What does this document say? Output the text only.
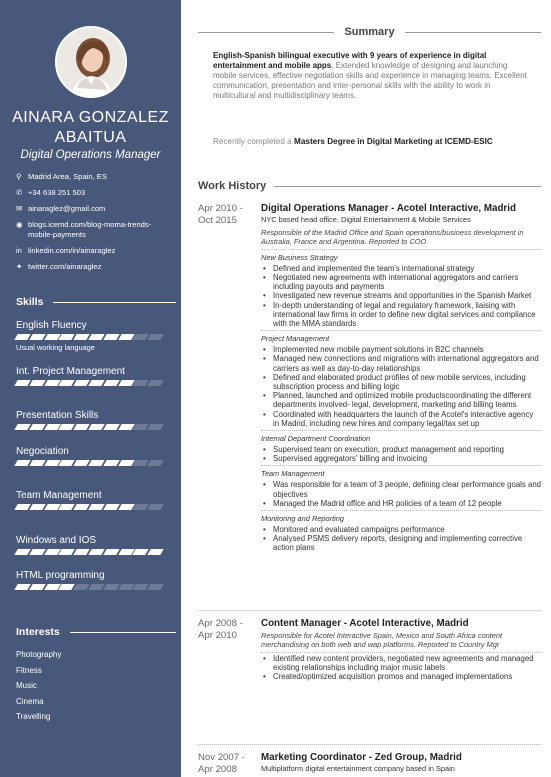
AINARA GONZALEZ
ABAITUA
Digital Operations Manager
⚲ Madrid Area, Spain, ES
✆ +34 638 251 503
✉ ainaraglez@gmail.com
◉ blogs.icemd.com/blog-moma-trends-mobile-payments
in linkedin.com/in/ainaraglez
✦ twitter.com/ainaraglez
Skills
English Fluency
Usual working language
Int. Project Management
Presentation Skills
Negociation
Team Management
Windows and IOS
HTML programming
Interests
Photography
Fitness
Music
Cinema
Travelling
Summary
English-Spanish bilingual executive with 9 years of experience in digital entertainment and mobile apps. Extended knowledge of designing and launching mobile services, effective negotiation skills and experience in managing teams. Excellent communication, presentation and inter-personal skills with the ability to work in multicultural and multidisciplinary teams.
Recently completed a Masters Degree in Digital Marketing at ICEMD-ESIC
Work History
Apr 2010 -
Oct 2015
Digital Operations Manager - Acotel Interactive, Madrid
NYC based head office, Digital Entertainment & Mobile Services
Responsible of the Madrid Office and Spain operations/business development in Australia, France and Argentina. Reported to COO
New Business Strategy
• Defined and implemented the team's international strategy
• Negotiated new agreements with international aggregators and carriers including payouts and payments
• Investigated new revenue streams and opportunities in the Spanish Market
• In-depth understanding of legal and regulatory framework, liaising with international law firms in order to define new digital services and compliance with the MMA standards
Project Management
• Implemented new mobile payment solutions in B2C channels
• Managed new connections and migrations with international aggregators and carriers as well as day-to-day relationships
• Defined and elaborated product profiles of new mobile services, including subscription process and billing logic
• Planned, launched and optimized mobile productscoordinating the different departments involved- legal, development, marketing and billing teams
• Coordinated with headquarters the launch of the Acotel's interactive agency in Madrid, including new hires and company legal/tax set up
Internal Department Coordination
• Supervised team on execution, product management and reporting
• Supervised aggregators' billing and invoicing
Team Management
• Was responsible for a team of 3 people, defining clear performance goals and objectives
• Managed the Madrid office and HR policies of a team of 12 people
Monitoring and Reporting
• Monitored and evaluated campaigns performance
• Analysed PSMS delivery reports, designing and implementing corrective action plans
Apr 2008 -
Apr 2010
Content Manager - Acotel Interactive, Madrid
Responsible for Acotel Interactive Spain, Mexico and South Africa content merchandising on both web and wap platforms. Reported to Country Mgr
• Identified new content providers, negotiated new agreements and managed existing relationships including major music labels
• Created/optimized acquisition promos and managed implementations
Nov 2007 -
Apr 2008
Marketing Coordinator - Zed Group, Madrid
Multiplatform digital entertainment company based in Spain
